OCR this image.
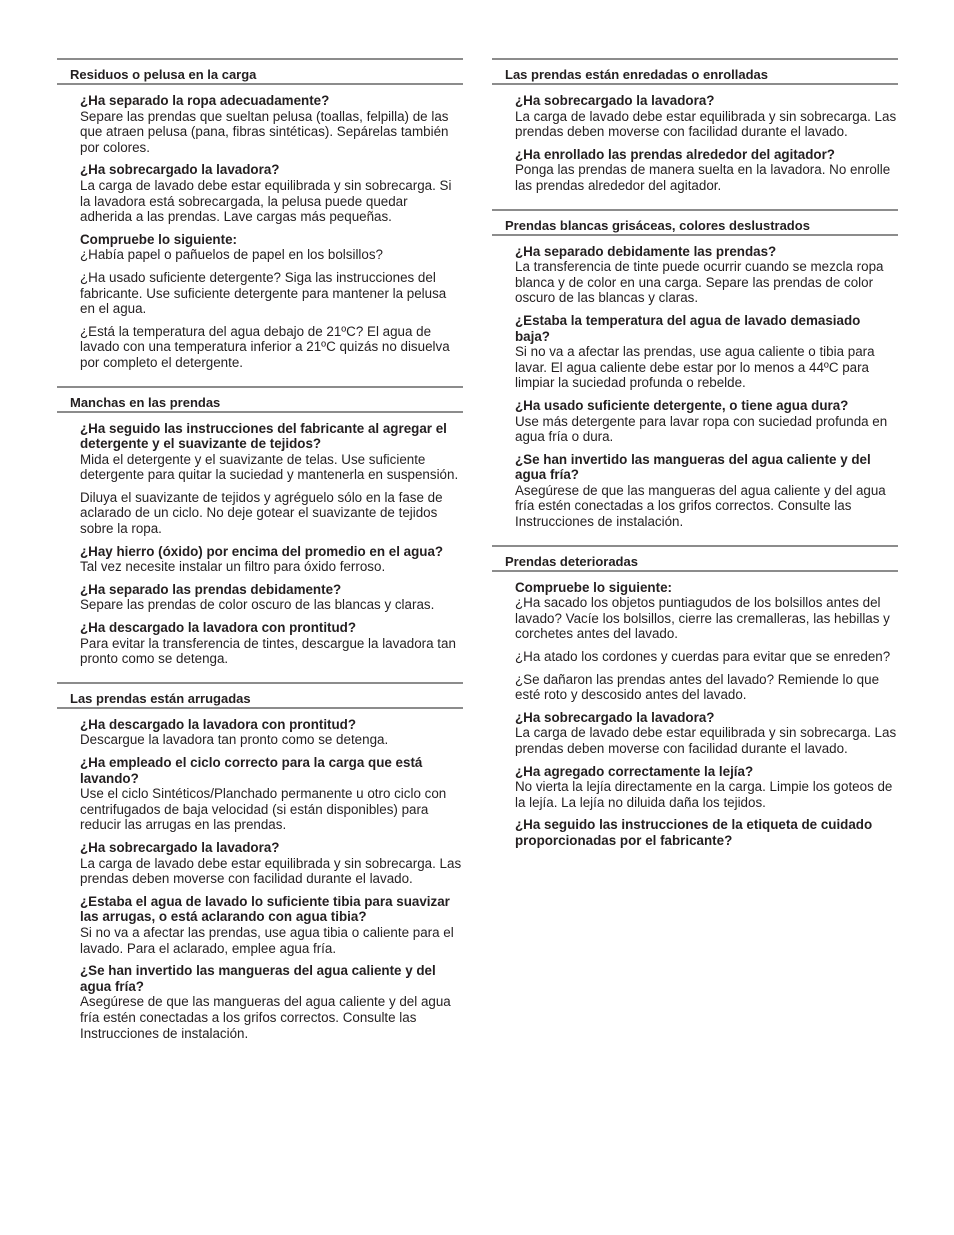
Residuos o pelusa en la carga
¿Ha separado la ropa adecuadamente?
Separe las prendas que sueltan pelusa (toallas, felpilla) de las que atraen pelusa (pana, fibras sintéticas). Sepárelas también por colores.
¿Ha sobrecargado la lavadora?
La carga de lavado debe estar equilibrada y sin sobrecarga. Si la lavadora está sobrecargada, la pelusa puede quedar adherida a las prendas. Lave cargas más pequeñas.
Compruebe lo siguiente:
¿Había papel o pañuelos de papel en los bolsillos?
¿Ha usado suficiente detergente? Siga las instrucciones del fabricante. Use suficiente detergente para mantener la pelusa en el agua.
¿Está la temperatura del agua debajo de 21ºC? El agua de lavado con una temperatura inferior a 21ºC quizás no disuelva por completo el detergente.
Manchas en las prendas
¿Ha seguido las instrucciones del fabricante al agregar el detergente y el suavizante de tejidos?
Mida el detergente y el suavizante de telas. Use suficiente detergente para quitar la suciedad y mantenerla en suspensión.
Diluya el suavizante de tejidos y agréguelo sólo en la fase de aclarado de un ciclo. No deje gotear el suavizante de tejidos sobre la ropa.
¿Hay hierro (óxido) por encima del promedio en el agua?
Tal vez necesite instalar un filtro para óxido ferroso.
¿Ha separado las prendas debidamente?
Separe las prendas de color oscuro de las blancas y claras.
¿Ha descargado la lavadora con prontitud?
Para evitar la transferencia de tintes, descargue la lavadora tan pronto como se detenga.
Las prendas están arrugadas
¿Ha descargado la lavadora con prontitud?
Descargue la lavadora tan pronto como se detenga.
¿Ha empleado el ciclo correcto para la carga que está lavando?
Use el ciclo Sintéticos/Planchado permanente u otro ciclo con centrifugados de baja velocidad (si están disponibles) para reducir las arrugas en las prendas.
¿Ha sobrecargado la lavadora?
La carga de lavado debe estar equilibrada y sin sobrecarga. Las prendas deben moverse con facilidad durante el lavado.
¿Estaba el agua de lavado lo suficiente tibia para suavizar las arrugas, o está aclarando con agua tibia?
Si no va a afectar las prendas, use agua tibia o caliente para el lavado. Para el aclarado, emplee agua fría.
¿Se han invertido las mangueras del agua caliente y del agua fría?
Asegúrese de que las mangueras del agua caliente y del agua fría estén conectadas a los grifos correctos. Consulte las Instrucciones de instalación.
Las prendas están enredadas o enrolladas
¿Ha sobrecargado la lavadora?
La carga de lavado debe estar equilibrada y sin sobrecarga. Las prendas deben moverse con facilidad durante el lavado.
¿Ha enrollado las prendas alrededor del agitador?
Ponga las prendas de manera suelta en la lavadora. No enrolle las prendas alrededor del agitador.
Prendas blancas grisáceas, colores deslustrados
¿Ha separado debidamente las prendas?
La transferencia de tinte puede ocurrir cuando se mezcla ropa blanca y de color en una carga. Separe las prendas de color oscuro de las blancas y claras.
¿Estaba la temperatura del agua de lavado demasiado baja?
Si no va a afectar las prendas, use agua caliente o tibia para lavar. El agua caliente debe estar por lo menos a 44ºC para limpiar la suciedad profunda o rebelde.
¿Ha usado suficiente detergente, o tiene agua dura?
Use más detergente para lavar ropa con suciedad profunda en agua fría o dura.
¿Se han invertido las mangueras del agua caliente y del agua fría?
Asegúrese de que las mangueras del agua caliente y del agua fría estén conectadas a los grifos correctos. Consulte las Instrucciones de instalación.
Prendas deterioradas
Compruebe lo siguiente:
¿Ha sacado los objetos puntiagudos de los bolsillos antes del lavado? Vacíe los bolsillos, cierre las cremalleras, las hebillas y corchetes antes del lavado.
¿Ha atado los cordones y cuerdas para evitar que se enreden?
¿Se dañaron las prendas antes del lavado? Remiende lo que esté roto y descosido antes del lavado.
¿Ha sobrecargado la lavadora?
La carga de lavado debe estar equilibrada y sin sobrecarga. Las prendas deben moverse con facilidad durante el lavado.
¿Ha agregado correctamente la lejía?
No vierta la lejía directamente en la carga. Limpie los goteos de la lejía. La lejía no diluida daña los tejidos.
¿Ha seguido las instrucciones de la etiqueta de cuidado proporcionadas por el fabricante?
